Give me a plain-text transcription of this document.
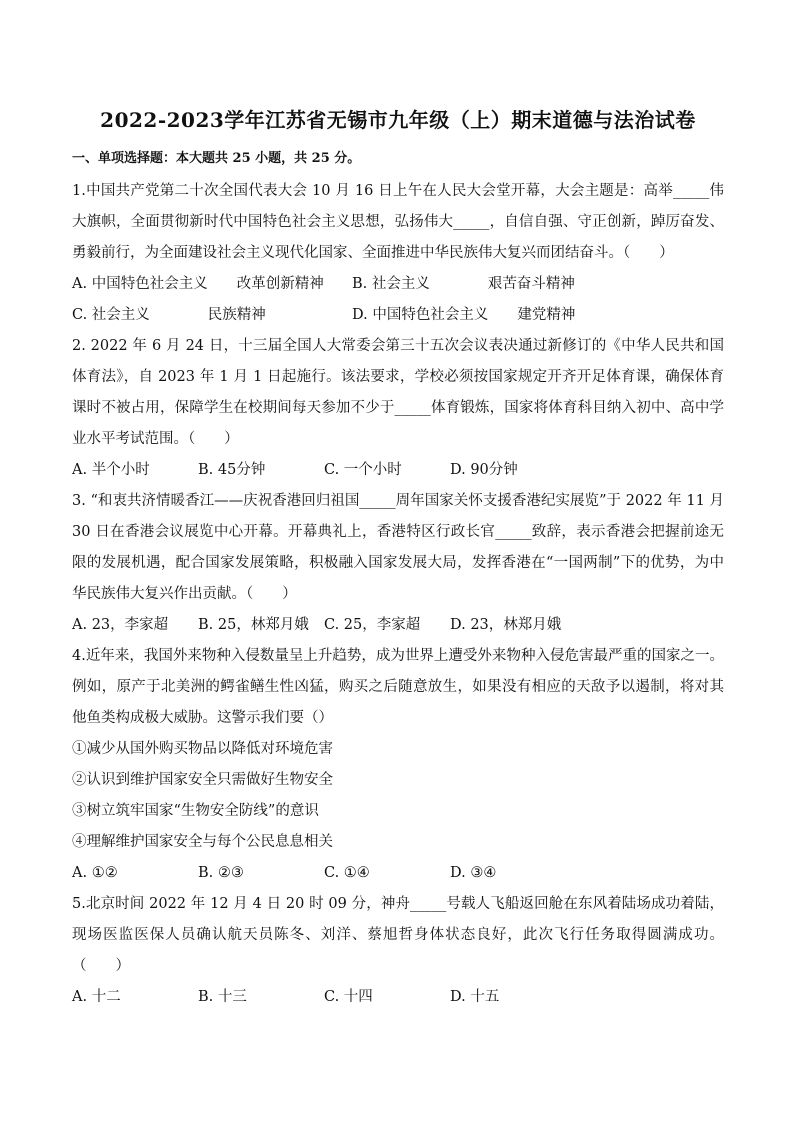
2022-2023学年江苏省无锡市九年级（上）期末道德与法治试卷

一、单项选择题：本大题共 25 小题，共 25 分。

1.中国共产党第二十次全国代表大会 10 月 16 日上午在人民大会堂开幕，大会主题是：高举_____伟大旗帜，全面贯彻新时代中国特色社会主义思想，弘扬伟大_____，自信自强、守正创新，踔厉奋发、勇毅前行，为全面建设社会主义现代化国家、全面推进中华民族伟大复兴而团结奋斗。（　　）

A. 中国特色社会主义　　改革创新精神	B. 社会主义　　　　艰苦奋斗精神
C. 社会主义　　　　民族精神	D. 中国特色社会主义　　建党精神

2. 2022 年 6 月 24 日，十三届全国人大常委会第三十五次会议表决通过新修订的《中华人民共和国体育法》，自 2023 年 1 月 1 日起施行。该法要求，学校必须按国家规定开齐开足体育课，确保体育课时不被占用，保障学生在校期间每天参加不少于_____体育锻炼，国家将体育科目纳入初中、高中学业水平考试范围。（　　）

A. 半个小时	B. 45分钟	C. 一个小时	D. 90分钟

3. “和衷共济情暖香江——庆祝香港回归祖国_____周年国家关怀支援香港纪实展览”于 2022 年 11 月 30 日在香港会议展览中心开幕。开幕典礼上，香港特区行政长官_____致辞，表示香港会把握前途无限的发展机遇，配合国家发展策略，积极融入国家发展大局，发挥香港在“一国两制”下的优势，为中华民族伟大复兴作出贡献。（　　）

A. 23，李家超	B. 25，林郑月娥	C. 25，李家超	D. 23，林郑月娥

4.近年来，我国外来物种入侵数量呈上升趋势，成为世界上遭受外来物种入侵危害最严重的国家之一。例如，原产于北美洲的鳄雀鳝生性凶猛，购买之后随意放生，如果没有相应的天敌予以遏制，将对其他鱼类构成极大威胁。这警示我们要（）

①减少从国外购买物品以降低对环境危害

②认识到维护国家安全只需做好生物安全

③树立筑牢国家“生物安全防线”的意识

④理解维护国家安全与每个公民息息相关

A. ①②	B. ②③	C. ①④	D. ③④

5.北京时间 2022 年 12 月 4 日 20 时 09 分，神舟_____号载人飞船返回舱在东风着陆场成功着陆，现场医监医保人员确认航天员陈冬、刘洋、蔡旭哲身体状态良好，此次飞行任务取得圆满成功。（　　）

A. 十二	B. 十三	C. 十四	D. 十五
